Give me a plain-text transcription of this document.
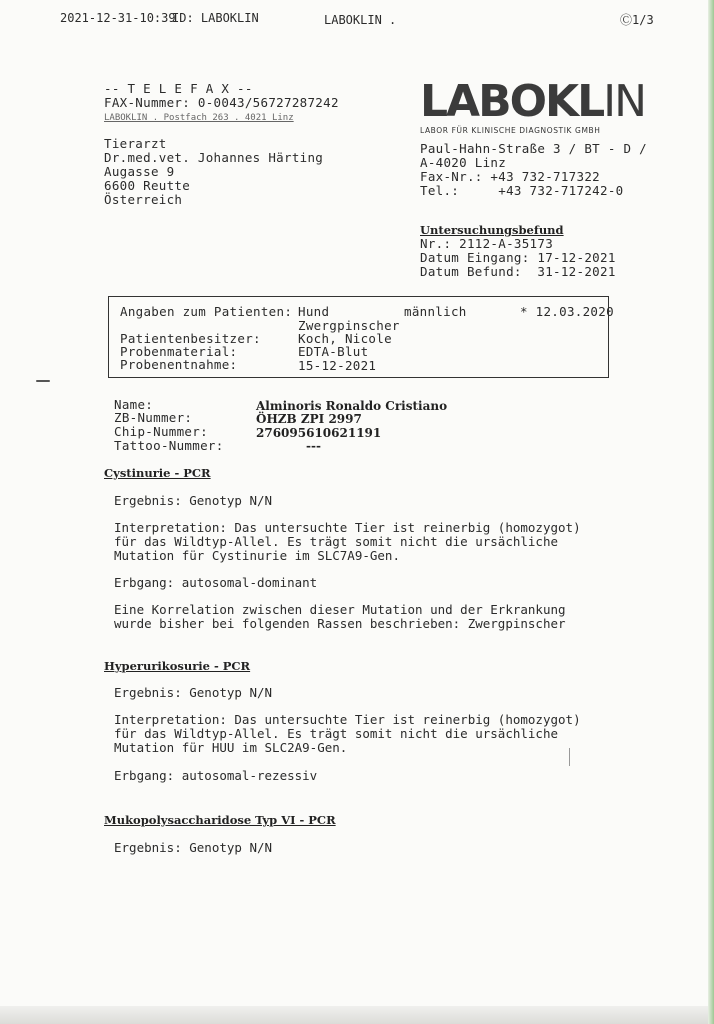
2021-12-31-10:39
ID: LABOKLIN	LABOKLIN .	Ⓒ1/3
-- T E L E F A X --
FAX-Nummer: 0-0043/56727287242
LABOKLIN . Postfach 263 . 4021 Linz
Tierarzt
Dr.med.vet. Johannes Härting
Augasse 9
6600 Reutte
Österreich
LABOKLIN
LABOR FÜR KLINISCHE DIAGNOSTIK GMBH
Paul-Hahn-Straße 3 / BT - D /
A-4020 Linz
Fax-Nr.: +43 732-717322
Tel.:     +43 732-717242-0
Untersuchungsbefund
Nr.: 2112-A-35173
Datum Eingang: 17-12-2021
Datum Befund:  31-12-2021
Angaben zum Patienten: Hund	männlich	* 12.03.2020
Zwergpinscher
Patientenbesitzer:	Koch, Nicole
Probenmaterial:	EDTA-Blut
Probenentnahme:	15-12-2021
Name:	Alminoris Ronaldo Cristiano
ZB-Nummer:	ÖHZB ZPI 2997
Chip-Nummer:	276095610621191
Tattoo-Nummer:	---
Cystinurie - PCR
Ergebnis: Genotyp N/N
Interpretation: Das untersuchte Tier ist reinerbig (homozygot)
für das Wildtyp-Allel. Es trägt somit nicht die ursächliche
Mutation für Cystinurie im SLC7A9-Gen.
Erbgang: autosomal-dominant
Eine Korrelation zwischen dieser Mutation und der Erkrankung
wurde bisher bei folgenden Rassen beschrieben: Zwergpinscher
Hyperurikosurie - PCR
Ergebnis: Genotyp N/N
Interpretation: Das untersuchte Tier ist reinerbig (homozygot)
für das Wildtyp-Allel. Es trägt somit nicht die ursächliche
Mutation für HUU im SLC2A9-Gen.
Erbgang: autosomal-rezessiv
Mukopolysaccharidose Typ VI - PCR
Ergebnis: Genotyp N/N
